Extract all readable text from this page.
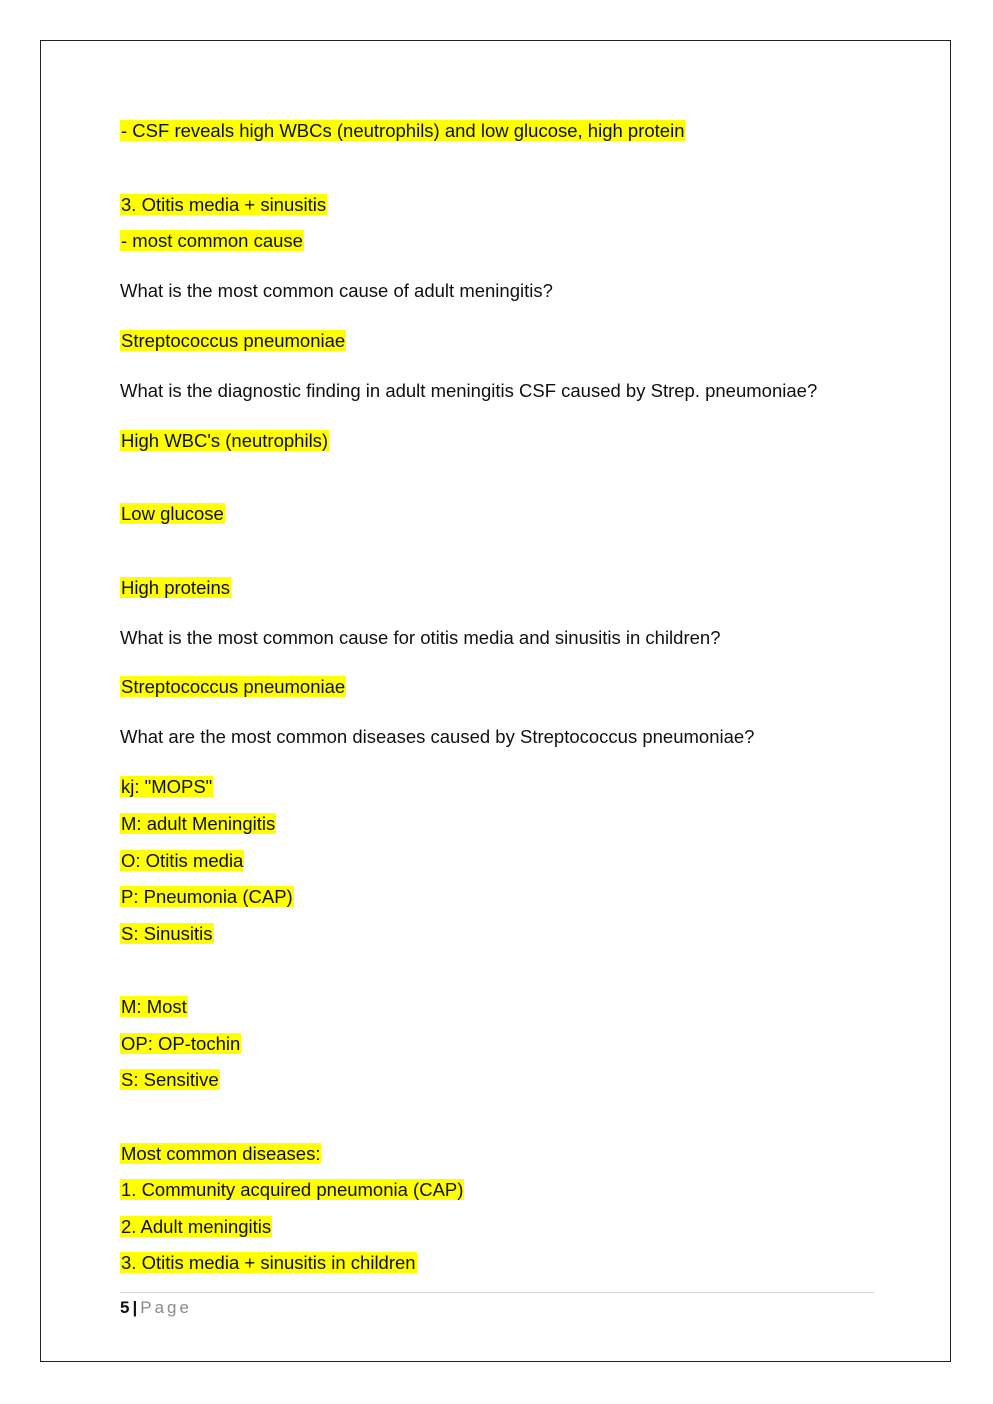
- CSF reveals high WBCs (neutrophils) and low glucose, high protein
3. Otitis media + sinusitis
- most common cause
What is the most common cause of adult meningitis?
Streptococcus pneumoniae
What is the diagnostic finding in adult meningitis CSF caused by Strep. pneumoniae?
High WBC's (neutrophils)
Low glucose
High proteins
What is the most common cause for otitis media and sinusitis in children?
Streptococcus pneumoniae
What are the most common diseases caused by Streptococcus pneumoniae?
kj: "MOPS"
M: adult Meningitis
O: Otitis media
P: Pneumonia (CAP)
S: Sinusitis
M: Most
OP: OP-tochin
S: Sensitive
Most common diseases:
1. Community acquired pneumonia (CAP)
2. Adult meningitis
3. Otitis media + sinusitis in children
5 | Page
